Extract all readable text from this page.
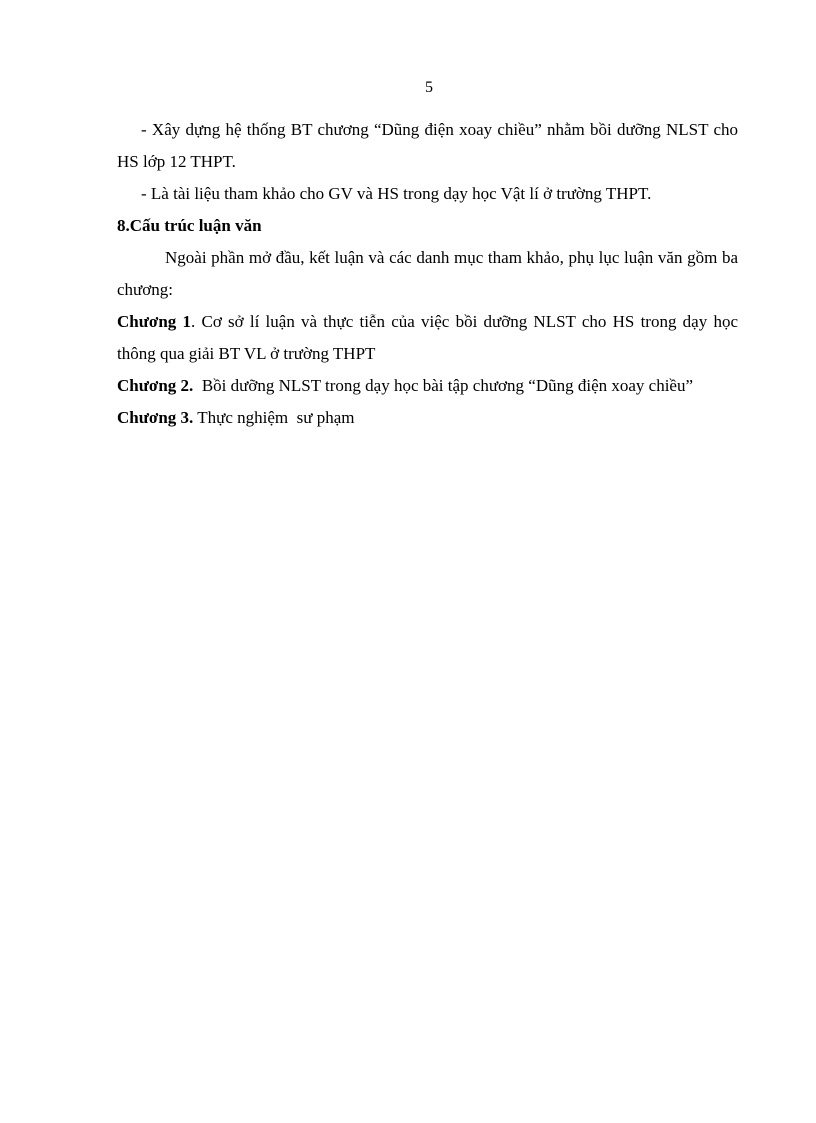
5

- Xây dựng hệ thống BT chương “Dũng điện xoay chiều” nhằm bồi dưỡng NLST cho HS lớp 12 THPT.

- Là tài liệu tham khảo cho GV và HS trong dạy học Vật lí ở trường THPT.

8.Cấu trúc luận văn

Ngoài phần mở đầu, kết luận và các danh mục tham khảo, phụ lục luận văn gồm ba chương:

Chương 1. Cơ sở lí luận và thực tiễn của việc bồi dưỡng NLST cho HS trong dạy học thông qua giải BT VL ở trường THPT

Chương 2.  Bồi dưỡng NLST trong dạy học bài tập chương “Dũng điện xoay chiều”

Chương 3. Thực nghiệm  sư phạm
